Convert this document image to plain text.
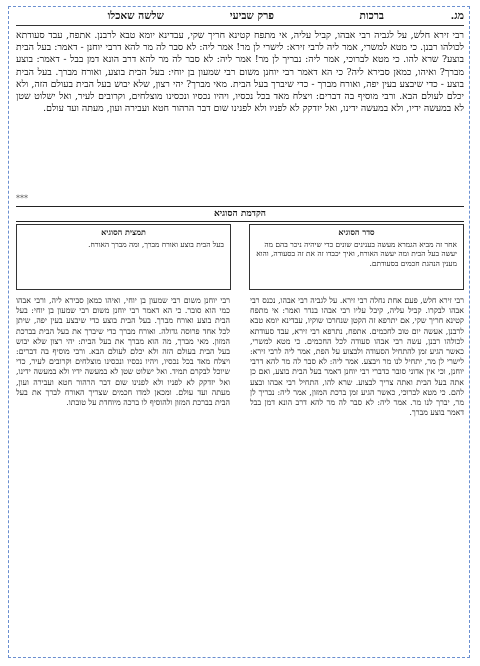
מג.
ברכות
פרק שביעי
שלשה שאכלו
רבי זירא חלש, על לגביה רבי אבהו, קביל עליה, אי מתפח קטינא חריך שקי, עבדינא יומא טבא לרבנן. אתפח, עבד סעודתא לכולהו רבנן. כי מטא למשרי, אמר ליה לרבי זירא: לישרי לן מר! אמר ליה: לא סבר לה מר להא דרבי יוחנן - דאמר: בעל הבית בוצע? שרא להו. כי מטא לברוכי, אמר ליה: נבריך לן מר! אמר ליה: לא סבר לה מר להא דרב הונא דמן בבל - דאמר: בוצע מברך? ואיהו, כמאן סבירא ליה? כי הא דאמר רבי יוחנן משום רבי שמעון בן יוחי: בעל הבית בוצע, ואורח מברך. בעל הבית בוצע - כדי שיבצע בעין יפה, ואורח מברך - כדי שיברך בעל הבית. מאי מברך? יהי רצון, שלא יבוש בעל הבית בעולם הזה, ולא יכלם לעולם הבא. ורבי מוסיף בה דברים: ויצלח מאד בכל נכסיו, ויהיו נכסיו ונכסינו מוצלחים, וקרובים לעיר, ואל ישלוט שטן לא במעשה ידיו, ולא במעשה ידינו, ואל יזדקק לא לפניו ולא לפנינו שום דבר הרהור חטא ועבירה ועון, מעתה ועד עולם.
***
הקדמת הסוגיא
סדר הסוגיא
אחר זה מביא הגמרא מעשה בענינים שונים כדי שיהיה ניכר בהם מה יעשה בעל הבית ומה יעשה האורח, ואיך יכבדו זה את זה בסעודה, והוא מענין הנהגת חכמים בסעודתם.
תמצית הסוגיא
בעל הבית בוצע ואורח מברך, ומה מברך האורח.
רבי זירא חלש, פעם אחת נחלה רבי זירא. על לגביה רבי אבהו, נכנס רבי אבהו לבקרו. קביל עליה, קיבל עליו רבי אבהו בנדר ואמר: אי מתפח קטינא חריך שקי, אם יתרפא זה הקטן שנחרכו שוקיו, עבדינא יומא טבא לרבנן, אעשה יום טוב לחכמים. אתפח, נתרפא רבי זירא, עבד סעודתא לכולהו רבנן, עשה רבי אבהו סעודה לכל החכמים. כי מטא למשרי, כאשר הגיע זמן להתחיל הסעודה ולבצוע על הפת, אמר ליה לרבי זירא: לישרי לן מר, יתחיל לנו מר ויבצע. אמר ליה: לא סבר לה מר להא דרבי יוחנן, וכי אין אדוני סובר כדברי רבי יוחנן דאמר בעל הבית בוצע, ואם כן אתה בעל הבית ואתה צריך לבצוע. שרא להו, התחיל רבי אבהו ובצע להם. כי מטא לברוכי, כאשר הגיע זמן ברכת המזון, אמר ליה: נבריך לן מר, יברך לנו מר. אמר ליה: לא סבר לה מר להא דרב הונא דמן בבל דאמר בוצע מברך.
רבי יוחנן משום רבי שמעון בן יוחי, ואיהו כמאן סבירא ליה, ורבי אבהו כמי הוא סובר. כי הא דאמר רבי יוחנן משום רבי שמעון בן יוחי: בעל הבית בוצע ואורח מברך. בעל הבית בוצע כדי שיבצע בעין יפה, שיתן לכל אחד פרוסה גדולה. ואורח מברך כדי שיברך את בעל הבית בברכת המזון. מאי מברך, מה הוא מברך את בעל הבית: יהי רצון שלא יבוש בעל הבית בעולם הזה ולא יכלם לעולם הבא. ורבי מוסיף בה דברים: ויצלח מאד בכל נכסיו, ויהיו נכסיו ונכסינו מוצלחים וקרובים לעיר, כדי שיוכל לבקרם תמיד. ואל ישלוט שטן לא במעשה ידיו ולא במעשה ידינו, ואל יזדקק לא לפניו ולא לפנינו שום דבר הרהור חטא ועבירה ועון, מעתה ועד עולם. ומכאן למדו חכמים שצריך האורח לברך את בעל הבית בברכת המזון ולהוסיף לו ברכה מיוחדת על טובתו.
